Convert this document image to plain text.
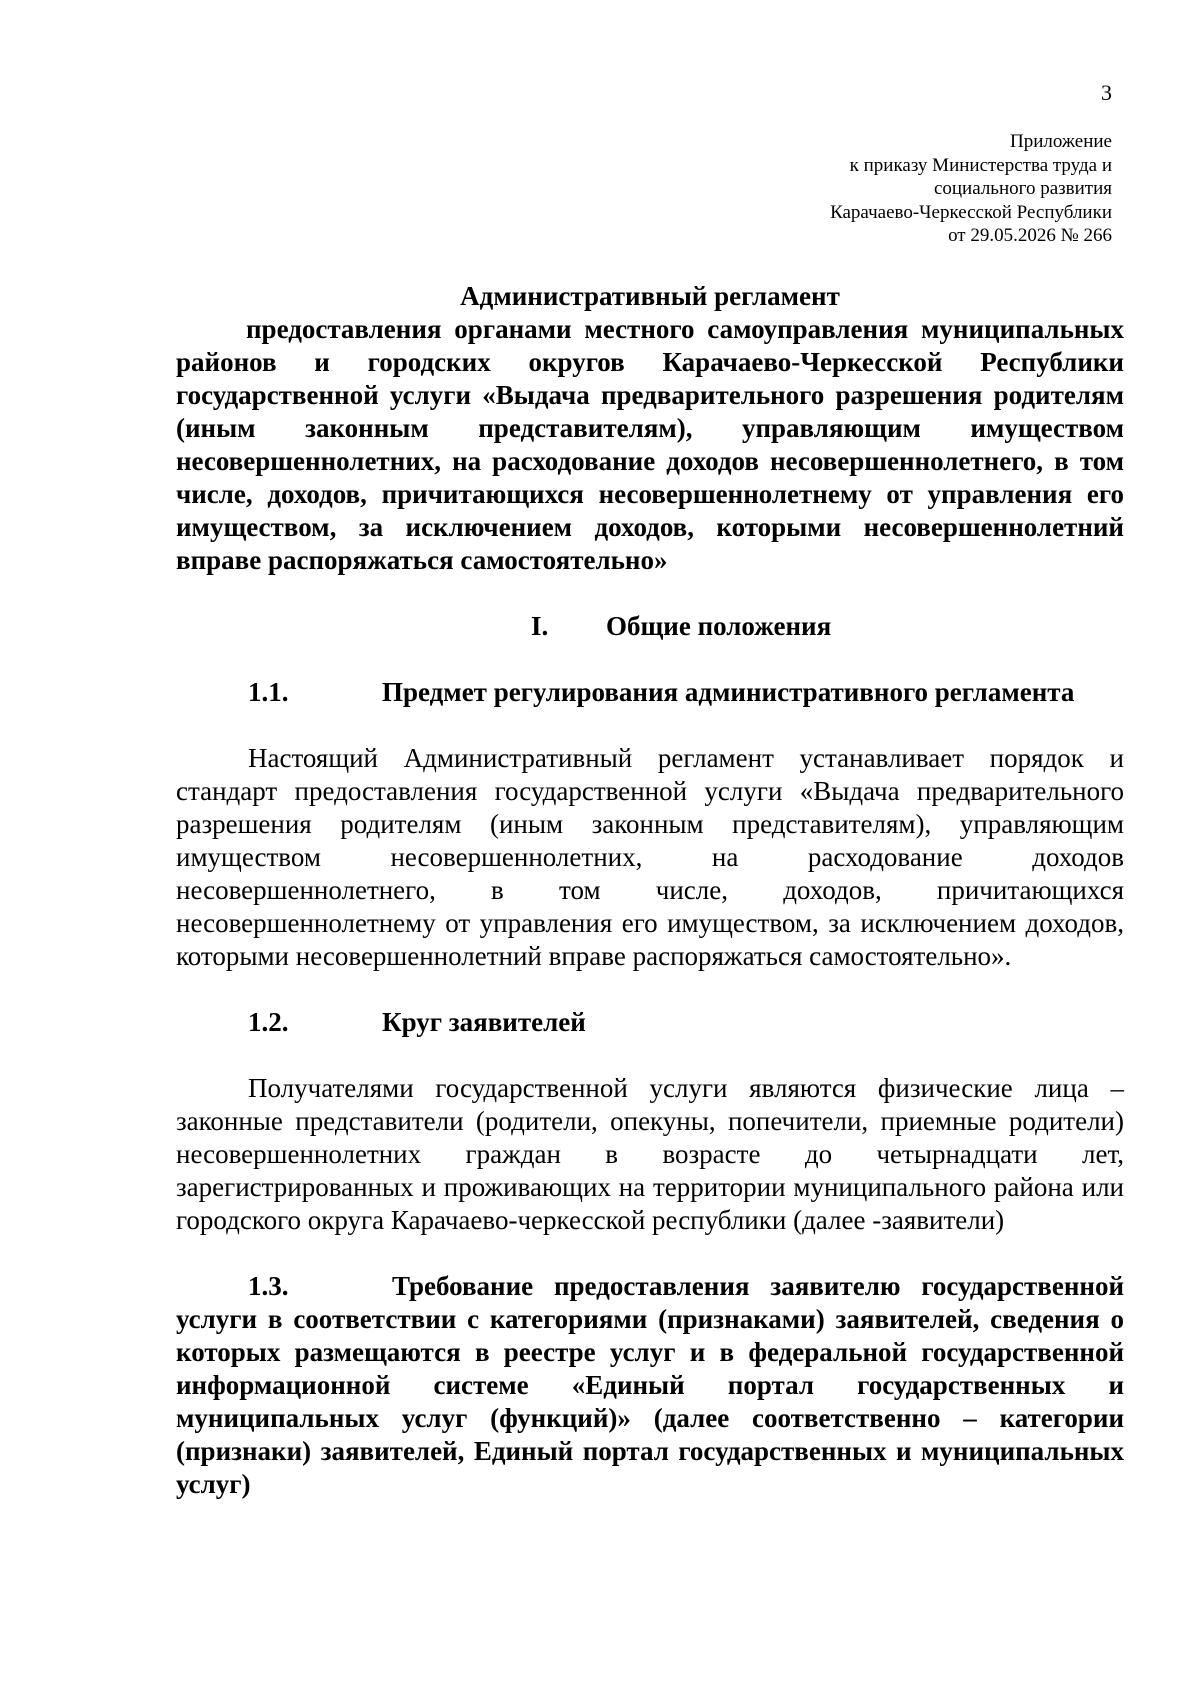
3
Приложение
к приказу Министерства труда и
социального развития
Карачаево-Черкесской Республики
от 29.05.2026 № 266

Административный регламент

предоставления органами местного самоуправления муниципальных районов и городских округов Карачаево-Черкесской Республики государственной услуги «Выдача предварительного разрешения родителям (иным законным представителям), управляющим имуществом несовершеннолетних, на расходование доходов несовершеннолетнего, в том числе, доходов, причитающихся несовершеннолетнему от управления его имуществом, за исключением доходов, которыми несовершеннолетний вправе распоряжаться самостоятельно»

I. Общие положения
1.1.	Предмет регулирования административного регламента

Настоящий Административный регламент устанавливает порядок и стандарт предоставления государственной услуги «Выдача предварительного разрешения родителям (иным законным представителям), управляющим имуществом несовершеннолетних, на расходование доходов несовершеннолетнего, в том числе, доходов, причитающихся несовершеннолетнему от управления его имуществом, за исключением доходов, которыми несовершеннолетний вправе распоряжаться самостоятельно».

1.2.	Круг заявителей

Получателями государственной услуги являются физические лица – законные представители (родители, опекуны, попечители, приемные родители) несовершеннолетних граждан в возрасте до четырнадцати лет, зарегистрированных и проживающих на территории муниципального района или городского округа Карачаево-черкесской республики (далее -заявители)

1.3.	Требование предоставления заявителю государственной услуги в соответствии с категориями (признаками) заявителей, сведения о которых размещаются в реестре услуг и в федеральной государственной информационной системе «Единый портал государственных и муниципальных услуг (функций)» (далее соответственно – категории (признаки) заявителей, Единый портал государственных и муниципальных услуг)
